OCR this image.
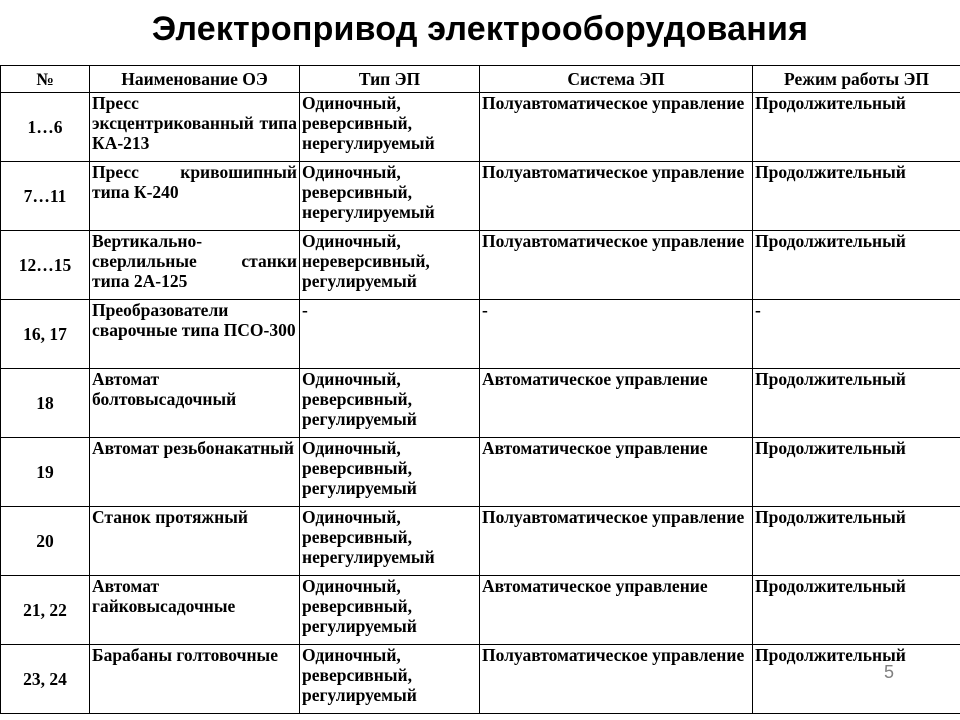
Электропривод электрооборудования
№	Наименование ОЭ	Тип ЭП	Система ЭП	Режим работы ЭП
1…6	Пресс эксцентрикованный типа КА-213	Одиночный, реверсивный, нерегулируемый	Полуавтоматическое управление	Продолжительный
7…11	Пресс кривошипный типа К-240	Одиночный, реверсивный, нерегулируемый	Полуавтоматическое управление	Продолжительный
12…15	Вертикально-сверлильные станки типа 2А-125	Одиночный, нереверсивный, регулируемый	Полуавтоматическое управление	Продолжительный
16, 17	Преобразователи сварочные типа ПСО-300	-	-	-
18	Автомат болтовысадочный	Одиночный, реверсивный, регулируемый	Автоматическое управление	Продолжительный
19	Автомат резьбонакатный	Одиночный, реверсивный, регулируемый	Автоматическое управление	Продолжительный
20	Станок протяжный	Одиночный, реверсивный, нерегулируемый	Полуавтоматическое управление	Продолжительный
21, 22	Автомат гайковысадочные	Одиночный, реверсивный, регулируемый	Автоматическое управление	Продолжительный
23, 24	Барабаны голтовочные	Одиночный, реверсивный, регулируемый	Полуавтоматическое управление	Продолжительный
5
